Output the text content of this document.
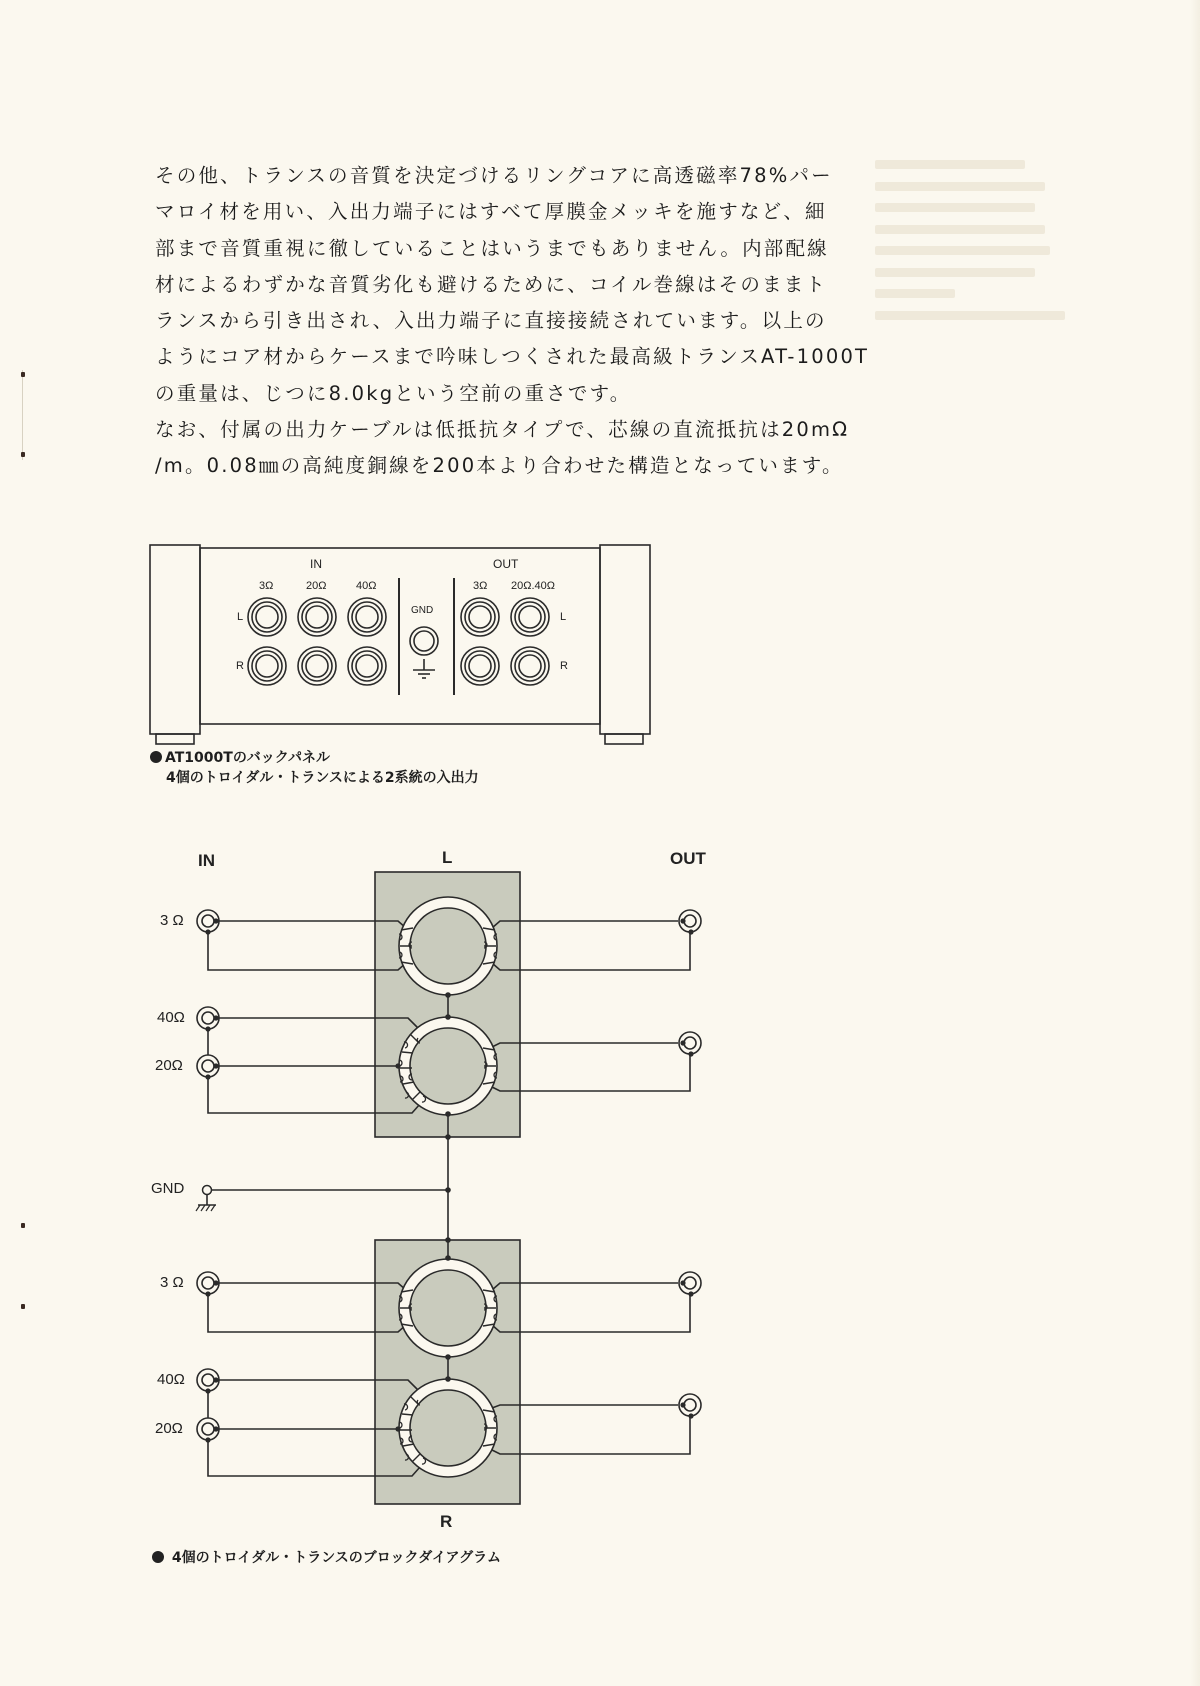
その他、トランスの音質を決定づけるリングコアに高透磁率78%パー

マロイ材を用い、入出力端子にはすべて厚膜金メッキを施すなど、細

部まで音質重視に徹していることはいうまでもありません。内部配線

材によるわずかな音質劣化も避けるために、コイル巻線はそのままト

ランスから引き出され、入出力端子に直接接続されています。以上の

ようにコア材からケースまで吟味しつくされた最高級トランスAT-1000T

の重量は、じつに8.0kgという空前の重さです。

なお、付属の出力ケーブルは低抵抗タイプで、芯線の直流抵抗は20mΩ

/m。0.08㎜の高純度銅線を200本より合わせた構造となっています。

IN
3Ω	20Ω	40Ω
L
R
GND
OUT
3Ω 20Ω.40Ω
L
R
AT1000Tのバックパネル
4個のトロイダル・トランスによる2系統の入出力
IN	L	OUT
3 Ω
40Ω
20Ω
GND
3 Ω
40Ω
20Ω
R
4個のトロイダル・トランスのブロックダイアグラム
